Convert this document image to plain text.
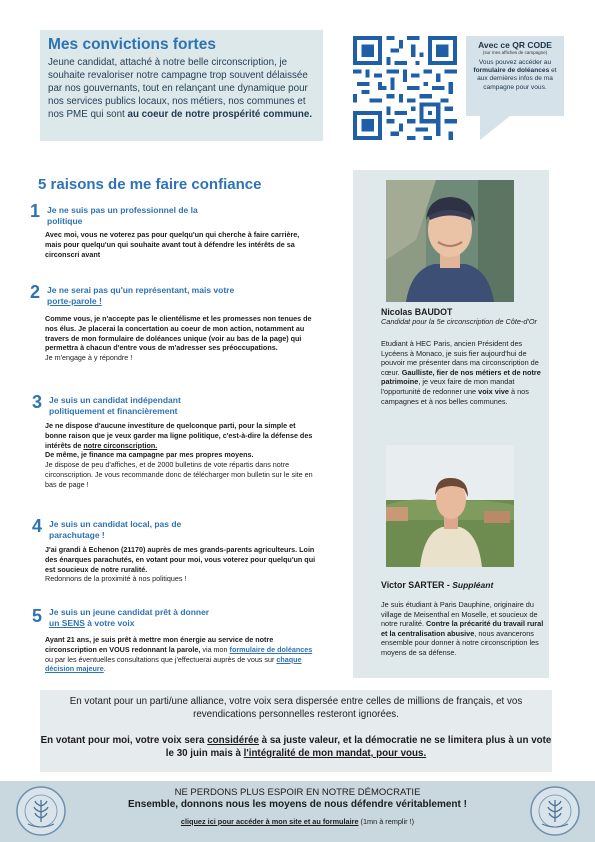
Mes convictions fortes

Jeune candidat, attaché à notre belle circonscription, je souhaite revaloriser notre campagne trop souvent délaissée par nos gouvernants, tout en relançant une dynamique pour nos services publics locaux, nos métiers, nos communes et nos PME qui sont au coeur de notre prospérité commune.

Avec ce QR CODE
(sur mes affiches de campagne)
Vous pouvez accéder au formulaire de doléances et aux dernières infos de ma campagne pour vous.
Nicolas BAUDOT
Candidat pour la 5e circonscription de Côte-d'Or
Etudiant à HEC Paris, ancien Président des Lycéens à Monaco, je suis fier aujourd'hui de pouvoir me présenter dans ma circonscription de cœur. Gaulliste, fier de nos métiers et de notre patrimoine, je veux faire de mon mandat l'opportunité de redonner une voix vive à nos campagnes et à nos belles communes.
Victor SARTER - Suppléant
Je suis étudiant à Paris Dauphine, originaire du village de Meisenthal en Moselle, et soucieux de notre ruralité. Contre la précarité du travail rural et la centralisation abusive, nous avancerons ensemble pour donner à notre circonscription les moyens de sa défense.
5 raisons de me faire confiance
1 Je ne suis pas un professionnel de la politique
Avec moi, vous ne voterez pas pour quelqu'un qui cherche à faire carrière, mais pour quelqu'un qui souhaite avant tout à défendre les intérêts de sa circonscri avant
2 Je ne serai pas qu'un représentant, mais votre porte-parole !
Comme vous, je n'accepte pas le clientélisme et les promesses non tenues de nos élus. Je placerai la concertation au coeur de mon action, notamment au travers de mon formulaire de doléances unique (voir au bas de la page) qui permettra à chacun d'entre vous de m'adresser ses préoccupations.
Je m'engage à y répondre !
3 Je suis un candidat indépendant politiquement et financièrement
Je ne dispose d'aucune investiture de quelconque parti, pour la simple et bonne raison que je veux garder ma ligne politique, c'est-à-dire la défense des intérêts de notre circonscription.
De même, je finance ma campagne par mes propres moyens.
Je dispose de peu d'affiches, et de 2000 bulletins de vote répartis dans notre circonscription. Je vous recommande donc de télécharger mon bulletin sur le site en bas de page !
4 Je suis un candidat local, pas de parachutage !
J'ai grandi à Echenon (21170) auprès de mes grands-parents agriculteurs. Loin des énarques parachutés, en votant pour moi, vous voterez pour quelqu'un qui est soucieux de notre ruralité.
Redonnons de la proximité à nos politiques !
5 Je suis un jeune candidat prêt à donner un SENS à votre voix
Ayant 21 ans, je suis prêt à mettre mon énergie au service de notre circonscription en VOUS redonnant la parole, via mon formulaire de doléances ou par les éventuelles consultations que j'effectuerai auprès de vous sur chaque décision majeure.
En votant pour un parti/une alliance, votre voix sera dispersée entre celles de millions de français, et vos revendications personnelles resteront ignorées.
En votant pour moi, votre voix sera considérée à sa juste valeur, et la démocratie ne se limitera plus à un vote le 30 juin mais à l'intégralité de mon mandat, pour vous.
NE PERDONS PLUS ESPOIR EN NOTRE DÉMOCRATIE
Ensemble, donnons nous les moyens de nous défendre véritablement !
cliquez ici pour accéder à mon site et au formulaire (1mn à remplir !)
